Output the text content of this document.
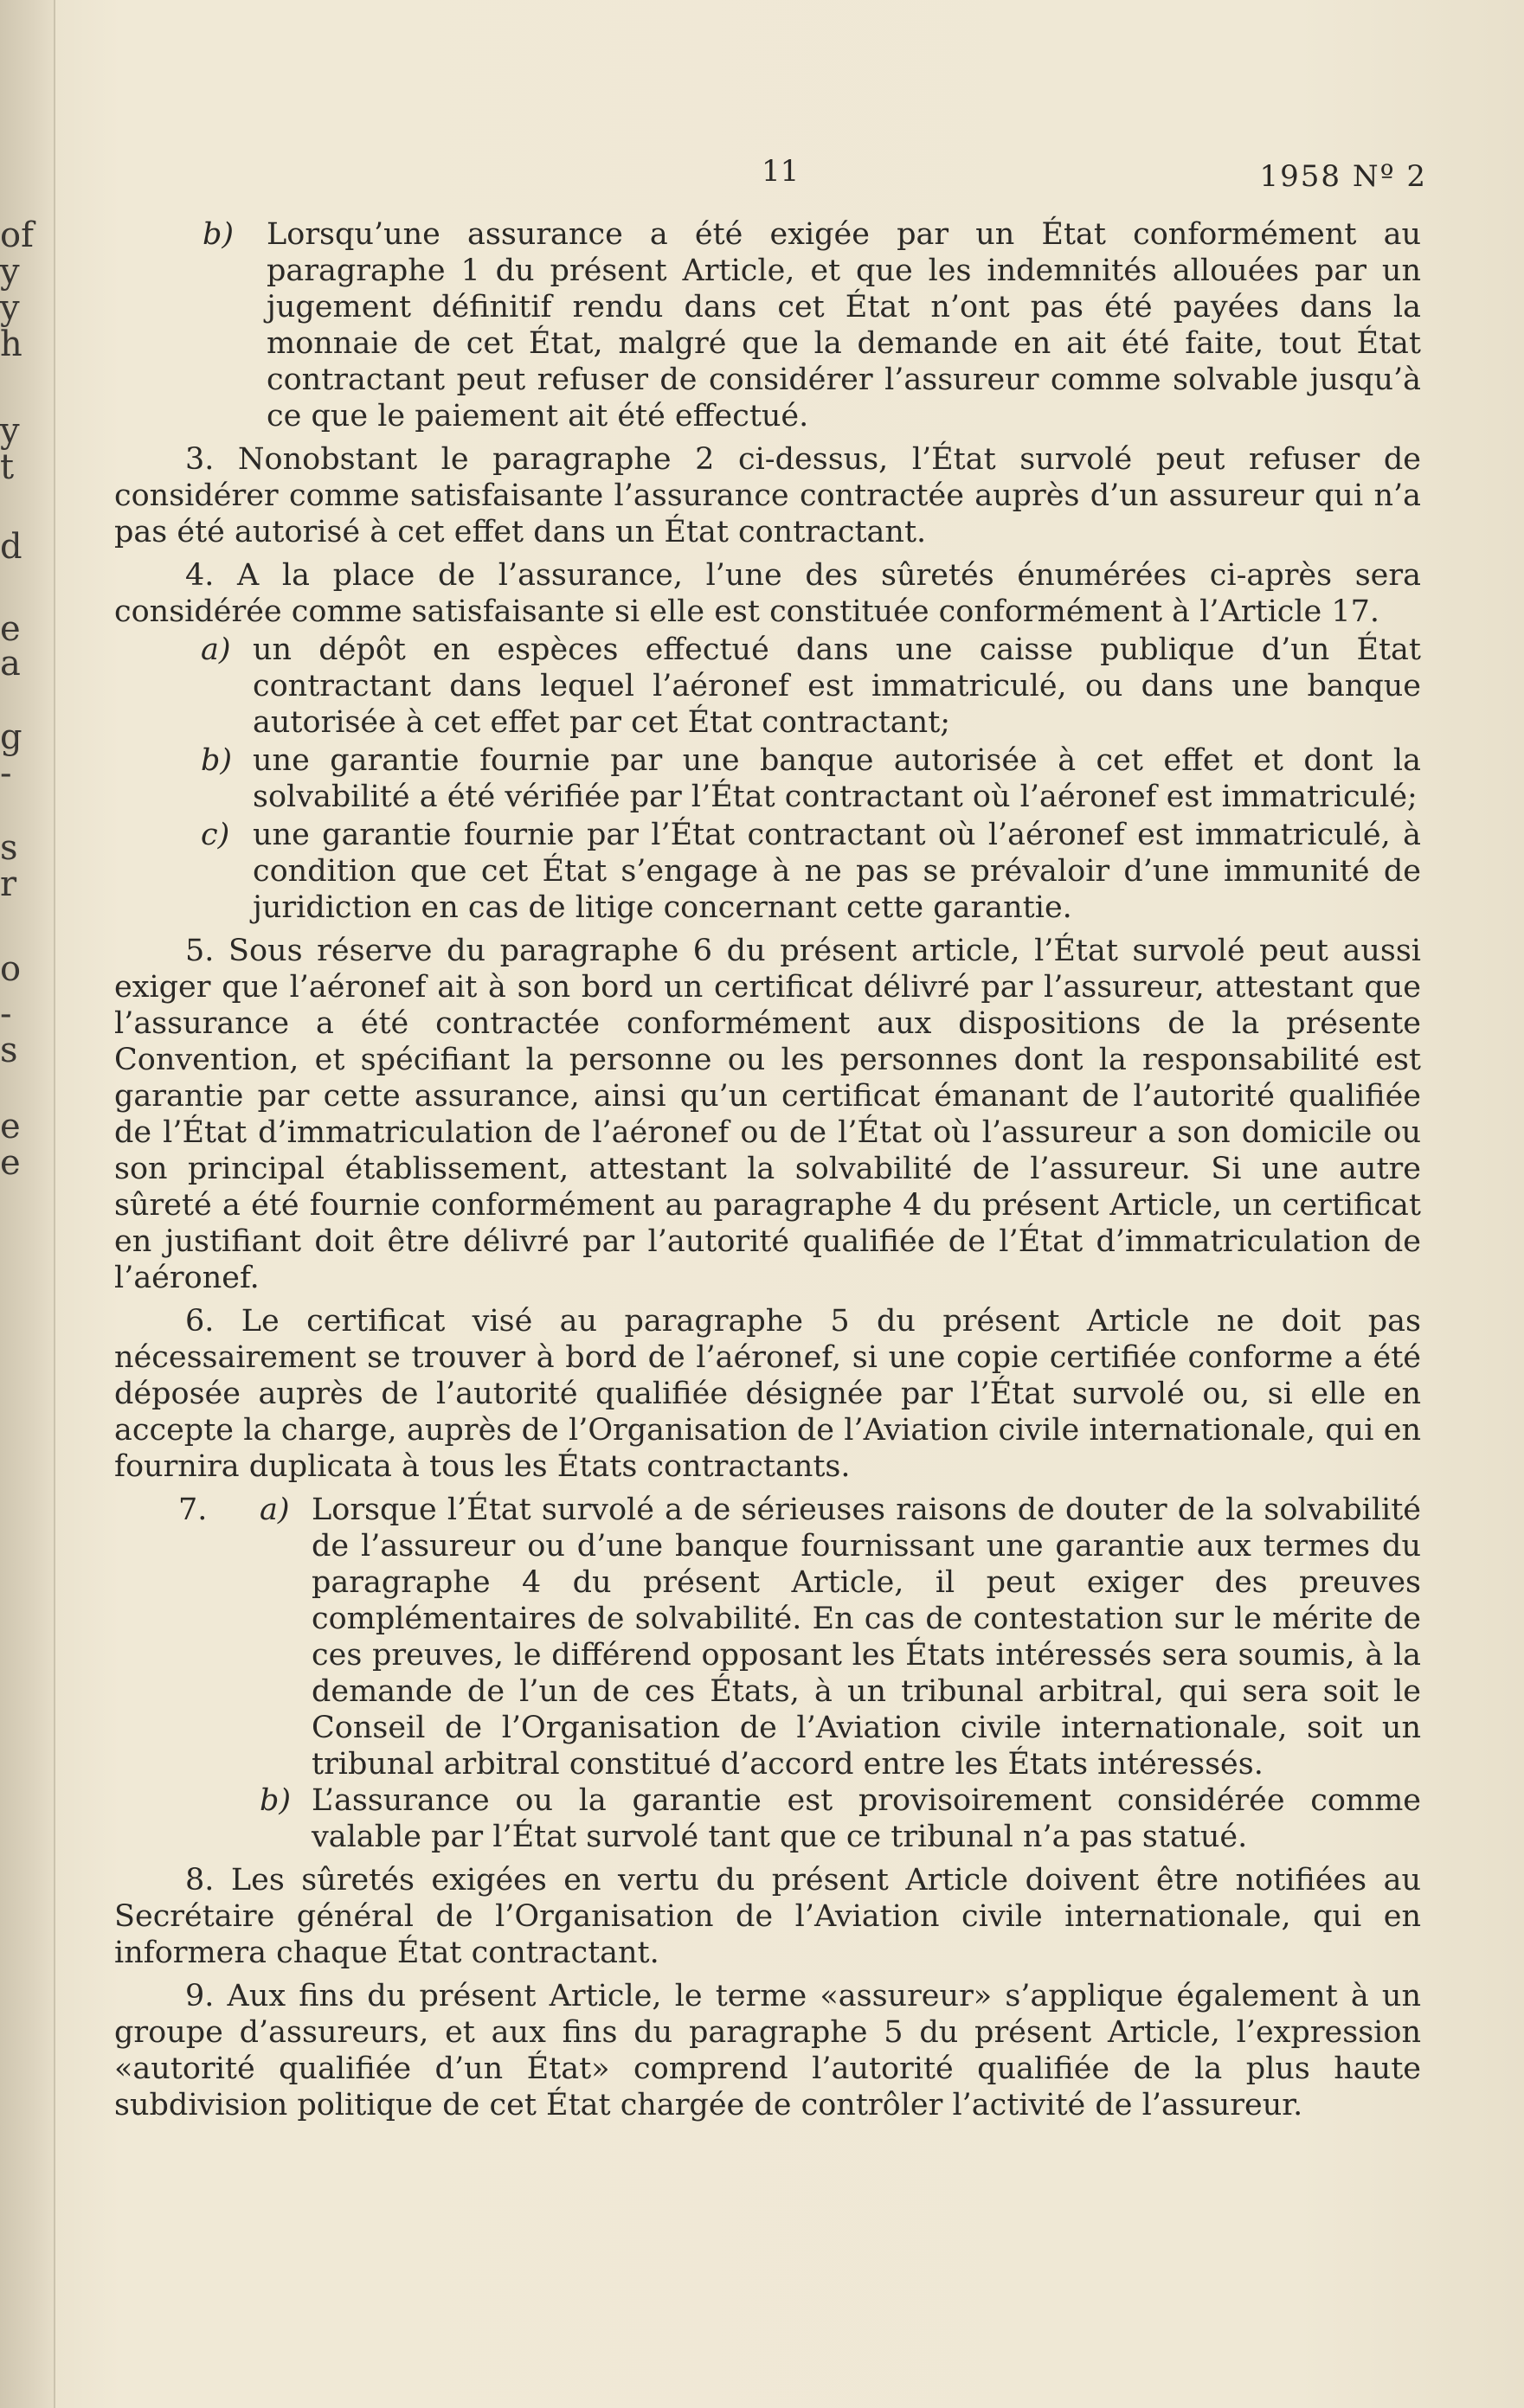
of
y
y
h
y
t
d
e
a
g
-
s
r
o
-
s
e
e
11	1958 Nº 2
b)	Lorsqu’une assurance a été exigée par un État conformément au paragraphe 1 du présent Article, et que les indemnités allouées par un jugement définitif rendu dans cet État n’ont pas été payées dans la monnaie de cet État, malgré que la demande en ait été faite, tout État contractant peut refuser de considérer l’assureur comme solvable jusqu’à ce que le paiement ait été effectué.

3. Nonobstant le paragraphe 2 ci-dessus, l’État survolé peut refuser de considérer comme satisfaisante l’assurance contractée auprès d’un assureur qui n’a pas été autorisé à cet effet dans un État contractant.

4. A la place de l’assurance, l’une des sûretés énumérées ci-après sera considérée comme satisfaisante si elle est constituée conformément à l’Article 17.

a) un dépôt en espèces effectué dans une caisse publique d’un État contractant dans lequel l’aéronef est immatriculé, ou dans une banque autorisée à cet effet par cet État contractant;
b) une garantie fournie par une banque autorisée à cet effet et dont la solvabilité a été vérifiée par l’État contractant où l’aéronef est immatriculé;
c) une garantie fournie par l’État contractant où l’aéronef est immatriculé, à condition que cet État s’engage à ne pas se prévaloir d’une immunité de juridiction en cas de litige concernant cette garantie.

5. Sous réserve du paragraphe 6 du présent article, l’État survolé peut aussi exiger que l’aéronef ait à son bord un certificat délivré par l’assureur, attestant que l’assurance a été contractée conformément aux dispositions de la présente Convention, et spécifiant la personne ou les personnes dont la responsabilité est garantie par cette assurance, ainsi qu’un certificat émanant de l’autorité qualifiée de l’État d’immatriculation de l’aéronef ou de l’État où l’assureur a son domicile ou son principal établissement, attestant la solvabilité de l’assureur. Si une autre sûreté a été fournie conformément au paragraphe 4 du présent Article, un certificat en justifiant doit être délivré par l’autorité qualifiée de l’État d’immatriculation de l’aéronef.

6. Le certificat visé au paragraphe 5 du présent Article ne doit pas nécessairement se trouver à bord de l’aéronef, si une copie certifiée conforme a été déposée auprès de l’autorité qualifiée désignée par l’État survolé ou, si elle en accepte la charge, auprès de l’Organisation de l’Aviation civile internationale, qui en fournira duplicata à tous les États contractants.

7. a) Lorsque l’État survolé a de sérieuses raisons de douter de la solvabilité de l’assureur ou d’une banque fournissant une garantie aux termes du paragraphe 4 du présent Article, il peut exiger des preuves complémentaires de solvabilité. En cas de contestation sur le mérite de ces preuves, le différend opposant les États intéressés sera soumis, à la demande de l’un de ces États, à un tribunal arbitral, qui sera soit le Conseil de l’Organisation de l’Aviation civile internationale, soit un tribunal arbitral constitué d’accord entre les États intéressés.
b) L’assurance ou la garantie est provisoirement considérée comme valable par l’État survolé tant que ce tribunal n’a pas statué.

8. Les sûretés exigées en vertu du présent Article doivent être notifiées au Secrétaire général de l’Organisation de l’Aviation civile internationale, qui en informera chaque État contractant.

9. Aux fins du présent Article, le terme «assureur» s’applique également à un groupe d’assureurs, et aux fins du paragraphe 5 du présent Article, l’expression «autorité qualifiée d’un État» comprend l’autorité qualifiée de la plus haute subdivision politique de cet État chargée de contrôler l’activité de l’assureur.
